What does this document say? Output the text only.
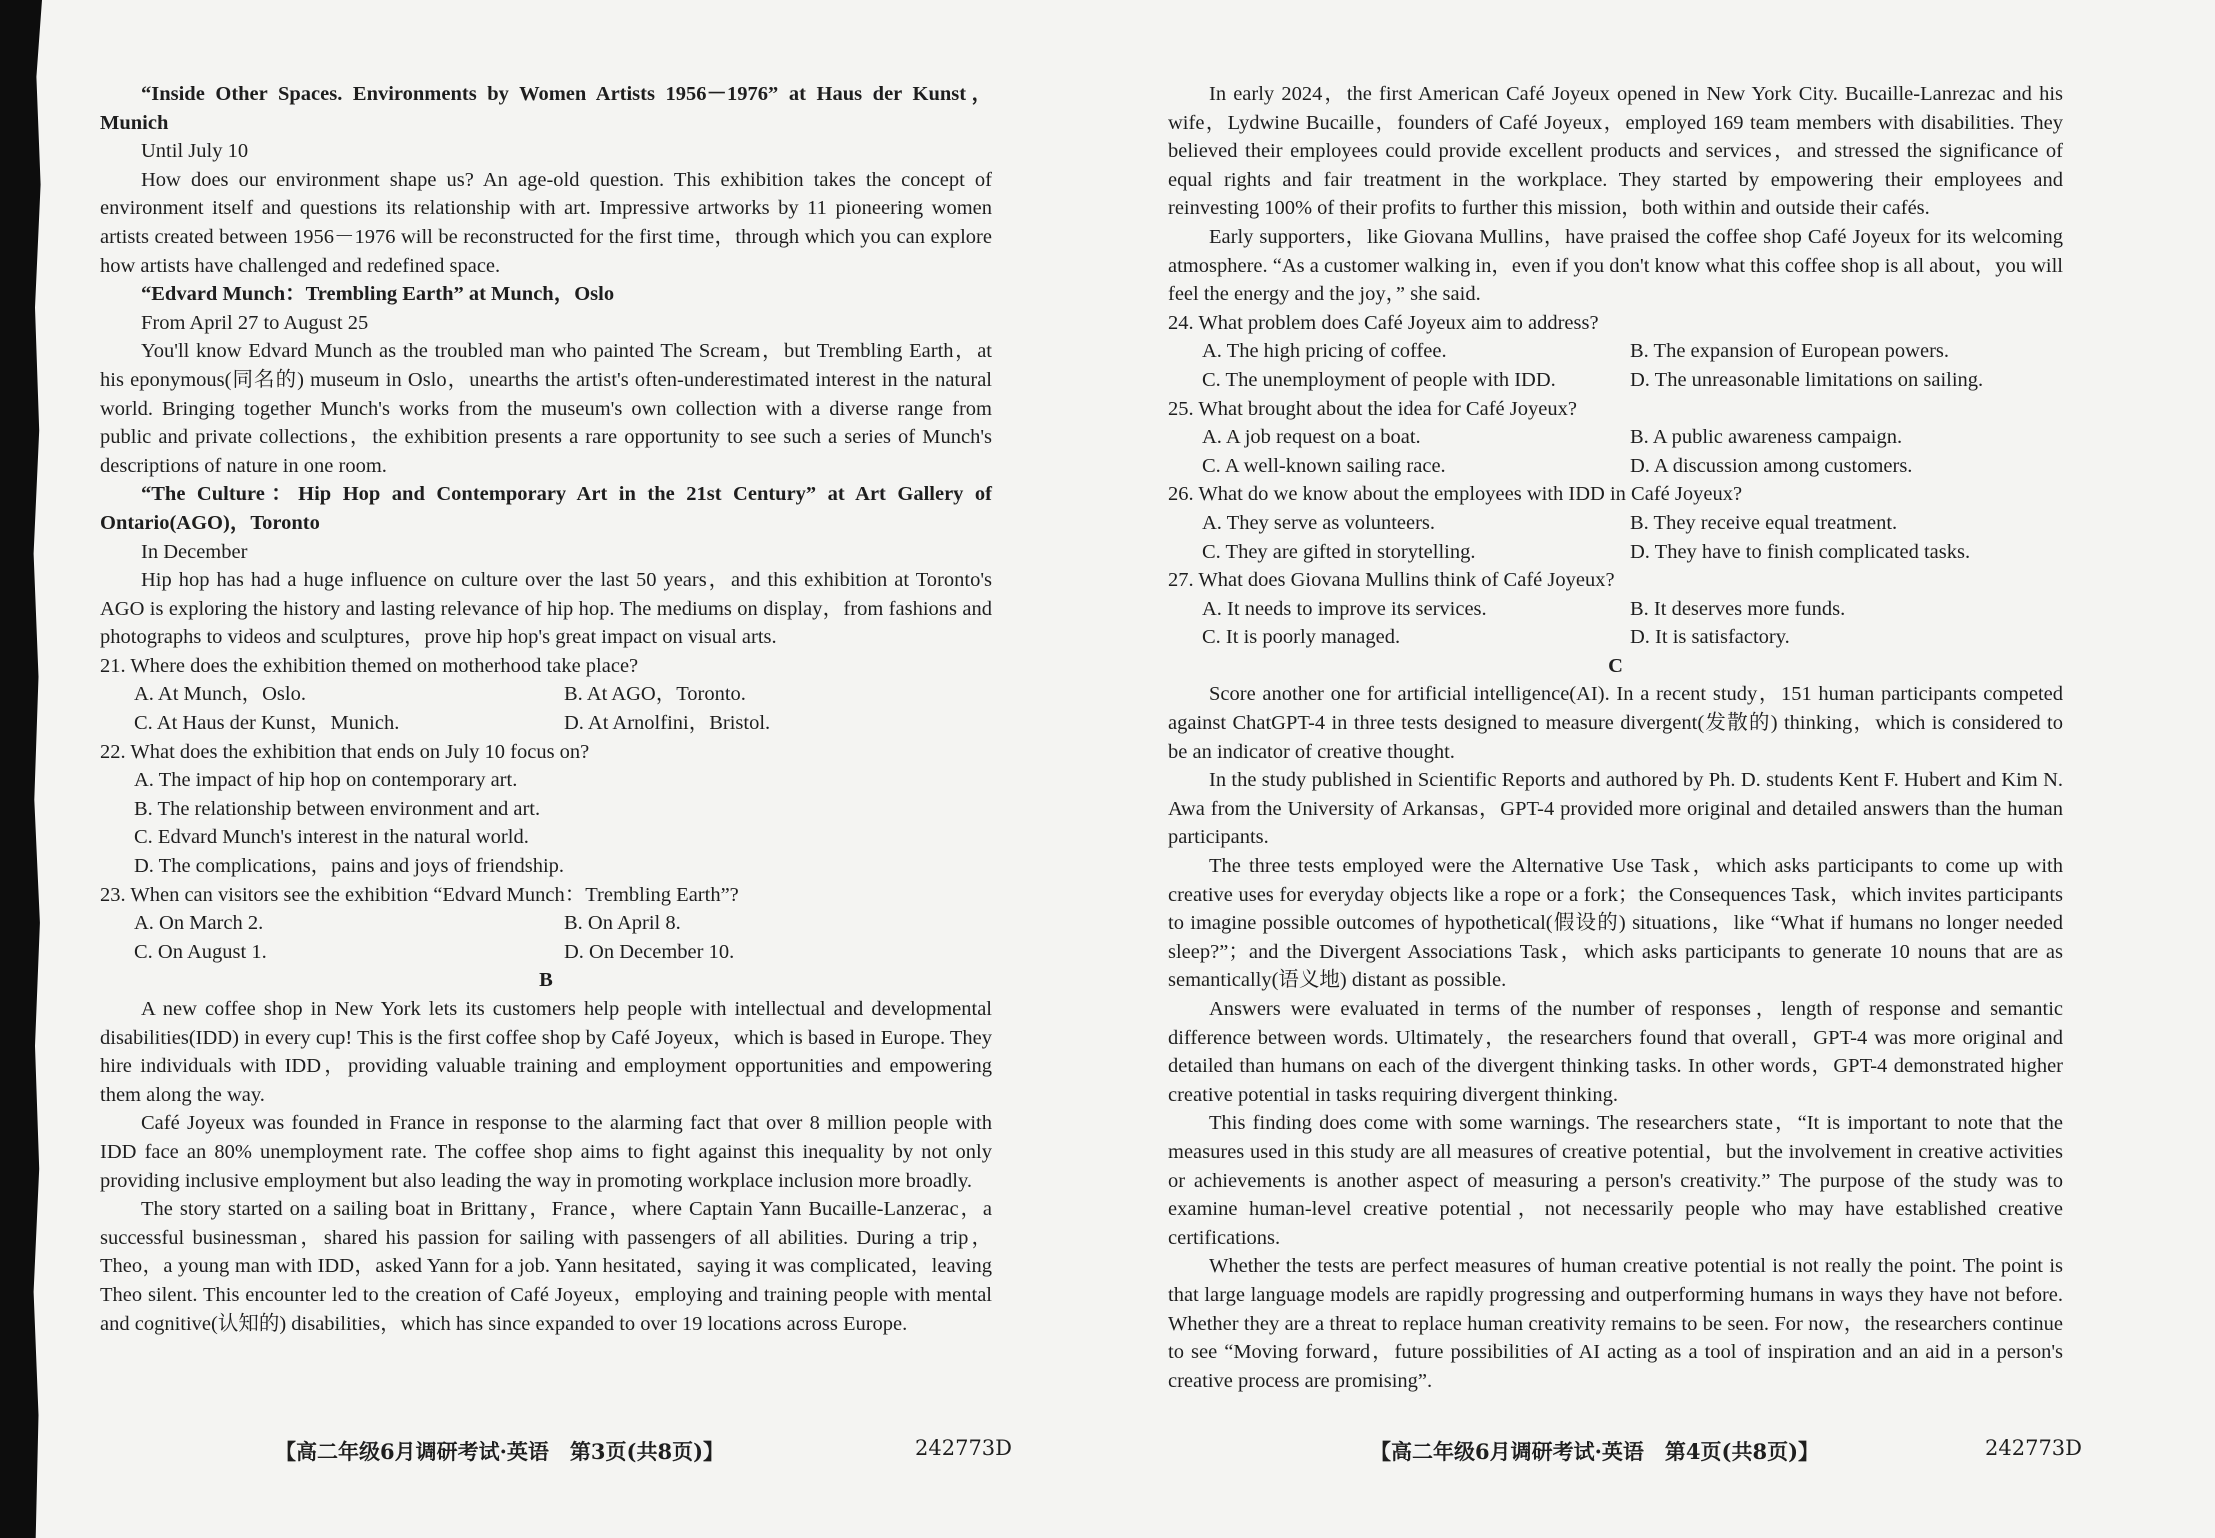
“Inside Other Spaces. Environments by Women Artists 1956－1976” at Haus der Kunst，Munich

Until July 10

How does our environment shape us? An age-old question. This exhibition takes the concept of environment itself and questions its relationship with art. Impressive artworks by 11 pioneering women artists created between 1956－1976 will be reconstructed for the first time，through which you can explore how artists have challenged and redefined space.

“Edvard Munch：Trembling Earth” at Munch，Oslo

From April 27 to August 25

You'll know Edvard Munch as the troubled man who painted The Scream，but Trembling Earth，at his eponymous(同名的) museum in Oslo，unearths the artist's often-underestimated interest in the natural world. Bringing together Munch's works from the museum's own collection with a diverse range from public and private collections，the exhibition presents a rare opportunity to see such a series of Munch's descriptions of nature in one room.

“The Culture：Hip Hop and Contemporary Art in the 21st Century” at Art Gallery of Ontario(AGO)，Toronto

In December

Hip hop has had a huge influence on culture over the last 50 years，and this exhibition at Toronto's AGO is exploring the history and lasting relevance of hip hop. The mediums on display，from fashions and photographs to videos and sculptures，prove hip hop's great impact on visual arts.

21. Where does the exhibition themed on motherhood take place?

A. At Munch，Oslo.	B. At AGO，Toronto.
C. At Haus der Kunst，Munich.	D. At Arnolfini，Bristol.

22. What does the exhibition that ends on July 10 focus on?

A. The impact of hip hop on contemporary art.
B. The relationship between environment and art.
C. Edvard Munch's interest in the natural world.
D. The complications，pains and joys of friendship.

23. When can visitors see the exhibition “Edvard Munch：Trembling Earth”?

A. On March 2.	B. On April 8.
C. On August 1.	D. On December 10.

B

A new coffee shop in New York lets its customers help people with intellectual and developmental disabilities(IDD) in every cup! This is the first coffee shop by Café Joyeux，which is based in Europe. They hire individuals with IDD，providing valuable training and employment opportunities and empowering them along the way.

Café Joyeux was founded in France in response to the alarming fact that over 8 million people with IDD face an 80% unemployment rate. The coffee shop aims to fight against this inequality by not only providing inclusive employment but also leading the way in promoting workplace inclusion more broadly.

The story started on a sailing boat in Brittany，France，where Captain Yann Bucaille-Lanzerac，a successful businessman，shared his passion for sailing with passengers of all abilities. During a trip，Theo，a young man with IDD，asked Yann for a job. Yann hesitated，saying it was complicated，leaving Theo silent. This encounter led to the creation of Café Joyeux，employing and training people with mental and cognitive(认知的) disabilities，which has since expanded to over 19 locations across Europe.

In early 2024，the first American Café Joyeux opened in New York City. Bucaille-Lanrezac and his wife，Lydwine Bucaille，founders of Café Joyeux，employed 169 team members with disabilities. They believed their employees could provide excellent products and services，and stressed the significance of equal rights and fair treatment in the workplace. They started by empowering their employees and reinvesting 100% of their profits to further this mission，both within and outside their cafés.

Early supporters，like Giovana Mullins，have praised the coffee shop Café Joyeux for its welcoming atmosphere. “As a customer walking in，even if you don't know what this coffee shop is all about，you will feel the energy and the joy，” she said.

24. What problem does Café Joyeux aim to address?

A. The high pricing of coffee.	B. The expansion of European powers.
C. The unemployment of people with IDD.	D. The unreasonable limitations on sailing.

25. What brought about the idea for Café Joyeux?

A. A job request on a boat.	B. A public awareness campaign.
C. A well-known sailing race.	D. A discussion among customers.

26. What do we know about the employees with IDD in Café Joyeux?

A. They serve as volunteers.	B. They receive equal treatment.
C. They are gifted in storytelling.	D. They have to finish complicated tasks.

27. What does Giovana Mullins think of Café Joyeux?

A. It needs to improve its services.	B. It deserves more funds.
C. It is poorly managed.	D. It is satisfactory.

C

Score another one for artificial intelligence(AI). In a recent study，151 human participants competed against ChatGPT-4 in three tests designed to measure divergent(发散的) thinking，which is considered to be an indicator of creative thought.

In the study published in Scientific Reports and authored by Ph. D. students Kent F. Hubert and Kim N. Awa from the University of Arkansas，GPT-4 provided more original and detailed answers than the human participants.

The three tests employed were the Alternative Use Task，which asks participants to come up with creative uses for everyday objects like a rope or a fork；the Consequences Task，which invites participants to imagine possible outcomes of hypothetical(假设的) situations，like “What if humans no longer needed sleep?”；and the Divergent Associations Task，which asks participants to generate 10 nouns that are as semantically(语义地) distant as possible.

Answers were evaluated in terms of the number of responses，length of response and semantic difference between words. Ultimately，the researchers found that overall，GPT-4 was more original and detailed than humans on each of the divergent thinking tasks. In other words，GPT-4 demonstrated higher creative potential in tasks requiring divergent thinking.

This finding does come with some warnings. The researchers state，“It is important to note that the measures used in this study are all measures of creative potential，but the involvement in creative activities or achievements is another aspect of measuring a person's creativity.” The purpose of the study was to examine human-level creative potential，not necessarily people who may have established creative certifications.

Whether the tests are perfect measures of human creative potential is not really the point. The point is that large language models are rapidly progressing and outperforming humans in ways they have not before. Whether they are a threat to replace human creativity remains to be seen. For now，the researchers continue to see “Moving forward，future possibilities of AI acting as a tool of inspiration and an aid in a person's creative process are promising”.

【高二年级6月调研考试·英语　第3页(共8页)】	242773D	【高二年级6月调研考试·英语　第4页(共8页)】	242773D
